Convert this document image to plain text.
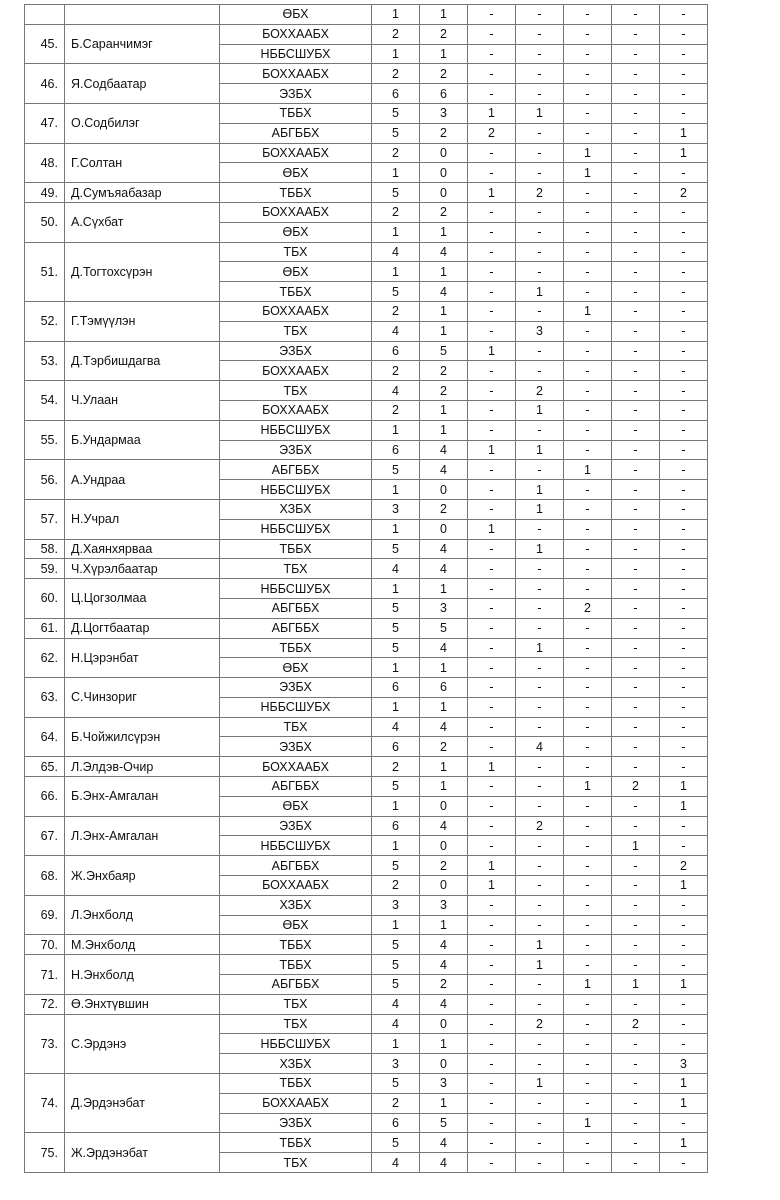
		ӨБХ	1	1	-	-	-	-	-
45.	Б.Саранчимэг	БОХХААБХ	2	2	-	-	-	-	-
		НББСШУБХ	1	1	-	-	-	-	-
46.	Я.Содбаатар	БОХХААБХ	2	2	-	-	-	-	-
		ЭЗБХ	6	6	-	-	-	-	-
47.	О.Содбилэг	ТББХ	5	3	1	1	-	-	-
		АБГББХ	5	2	2	-	-	-	1
48.	Г.Солтан	БОХХААБХ	2	0	-	-	1	-	1
		ӨБХ	1	0	-	-	1	-	-
49.	Д.Сумъяабазар	ТББХ	5	0	1	2	-	-	2
50.	А.Сүхбат	БОХХААБХ	2	2	-	-	-	-	-
		ӨБХ	1	1	-	-	-	-	-
51.	Д.Тогтохсүрэн	ТБХ	4	4	-	-	-	-	-
		ӨБХ	1	1	-	-	-	-	-
		ТББХ	5	4	-	1	-	-	-
52.	Г.Тэмүүлэн	БОХХААБХ	2	1	-	-	1	-	-
		ТБХ	4	1	-	3	-	-	-
53.	Д.Тэрбишдагва	ЭЗБХ	6	5	1	-	-	-	-
		БОХХААБХ	2	2	-	-	-	-	-
54.	Ч.Улаан	ТБХ	4	2	-	2	-	-	-
		БОХХААБХ	2	1	-	1	-	-	-
55.	Б.Ундармаа	НББСШУБХ	1	1	-	-	-	-	-
		ЭЗБХ	6	4	1	1	-	-	-
56.	А.Ундраа	АБГББХ	5	4	-	-	1	-	-
		НББСШУБХ	1	0	-	1	-	-	-
57.	Н.Учрал	ХЗБХ	3	2	-	1	-	-	-
		НББСШУБХ	1	0	1	-	-	-	-
58.	Д.Хаянхярваа	ТББХ	5	4	-	1	-	-	-
59.	Ч.Хүрэлбаатар	ТБХ	4	4	-	-	-	-	-
60.	Ц.Цогзолмаа	НББСШУБХ	1	1	-	-	-	-	-
		АБГББХ	5	3	-	-	2	-	-
61.	Д.Цогтбаатар	АБГББХ	5	5	-	-	-	-	-
62.	Н.Цэрэнбат	ТББХ	5	4	-	1	-	-	-
		ӨБХ	1	1	-	-	-	-	-
63.	С.Чинзориг	ЭЗБХ	6	6	-	-	-	-	-
		НББСШУБХ	1	1	-	-	-	-	-
64.	Б.Чойжилсүрэн	ТБХ	4	4	-	-	-	-	-
		ЭЗБХ	6	2	-	4	-	-	-
65.	Л.Элдэв-Очир	БОХХААБХ	2	1	1	-	-	-	-
66.	Б.Энх-Амгалан	АБГББХ	5	1	-	-	1	2	1
		ӨБХ	1	0	-	-	-	-	1
67.	Л.Энх-Амгалан	ЭЗБХ	6	4	-	2	-	-	-
		НББСШУБХ	1	0	-	-	-	1	-
68.	Ж.Энхбаяр	АБГББХ	5	2	1	-	-	-	2
		БОХХААБХ	2	0	1	-	-	-	1
69.	Л.Энхболд	ХЗБХ	3	3	-	-	-	-	-
		ӨБХ	1	1	-	-	-	-	-
70.	М.Энхболд	ТББХ	5	4	-	1	-	-	-
71.	Н.Энхболд	ТББХ	5	4	-	1	-	-	-
		АБГББХ	5	2	-	-	1	1	1
72.	Ө.Энхтүвшин	ТБХ	4	4	-	-	-	-	-
73.	С.Эрдэнэ	ТБХ	4	0	-	2	-	2	-
		НББСШУБХ	1	1	-	-	-	-	-
		ХЗБХ	3	0	-	-	-	-	3
74.	Д.Эрдэнэбат	ТББХ	5	3	-	1	-	-	1
		БОХХААБХ	2	1	-	-	-	-	1
		ЭЗБХ	6	5	-	-	1	-	-
75.	Ж.Эрдэнэбат	ТББХ	5	4	-	-	-	-	1
		ТБХ	4	4	-	-	-	-	-
